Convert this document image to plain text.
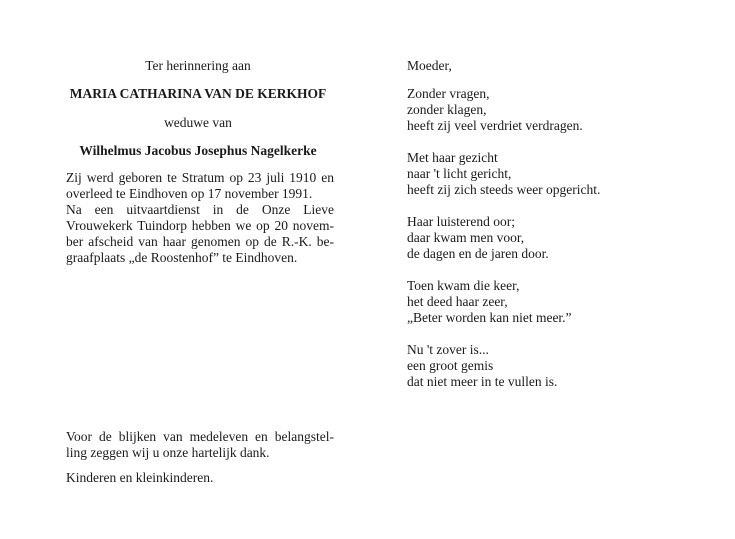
Ter herinnering aan
MARIA CATHARINA VAN DE KERKHOF
weduwe van
Wilhelmus Jacobus Josephus Nagelkerke
Zij werd geboren te Stratum op 23 juli 1910 en
overleed te Eindhoven op 17 november 1991.
Na een uitvaartdienst in de Onze Lieve
Vrouwekerk Tuindorp hebben we op 20 novem-
ber afscheid van haar genomen op de R.-K. be-
graafplaats „de Roostenhof” te Eindhoven.
Voor de blijken van medeleven en belangstel-
ling zeggen wij u onze hartelijk dank.
Kinderen en kleinkinderen.
Moeder,
Zonder vragen,
zonder klagen,
heeft zij veel verdriet verdragen.
Met haar gezicht
naar 't licht gericht,
heeft zij zich steeds weer opgericht.
Haar luisterend oor;
daar kwam men voor,
de dagen en de jaren door.
Toen kwam die keer,
het deed haar zeer,
„Beter worden kan niet meer.”
Nu 't zover is...
een groot gemis
dat niet meer in te vullen is.
